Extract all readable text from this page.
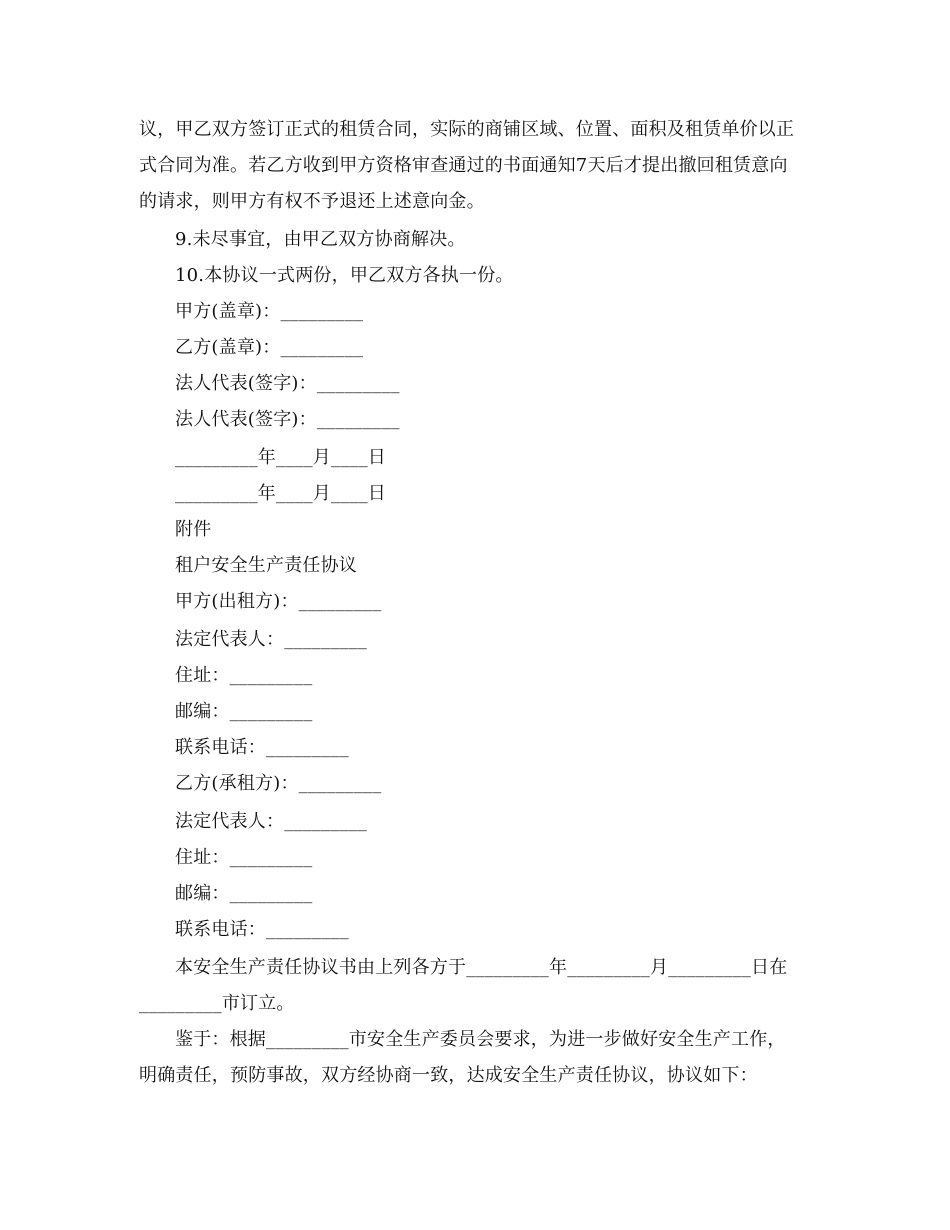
议，甲乙双方签订正式的租赁合同，实际的商铺区域、位置、面积及租赁单价以正
式合同为准。若乙方收到甲方资格审查通过的书面通知7天后才提出撤回租赁意向
的请求，则甲方有权不予退还上述意向金。
9.未尽事宜，由甲乙双方协商解决。
10.本协议一式两份，甲乙双方各执一份。
甲方(盖章)：_________
乙方(盖章)：_________
法人代表(签字)：_________
法人代表(签字)：_________
_________年____月____日
_________年____月____日
附件
租户安全生产责任协议
甲方(出租方)：_________
法定代表人：_________
住址：_________
邮编：_________
联系电话：_________
乙方(承租方)：_________
法定代表人：_________
住址：_________
邮编：_________
联系电话：_________
本安全生产责任协议书由上列各方于_________年_________月_________日在
_________市订立。
鉴于：根据_________市安全生产委员会要求，为进一步做好安全生产工作，
明确责任，预防事故，双方经协商一致，达成安全生产责任协议，协议如下：
